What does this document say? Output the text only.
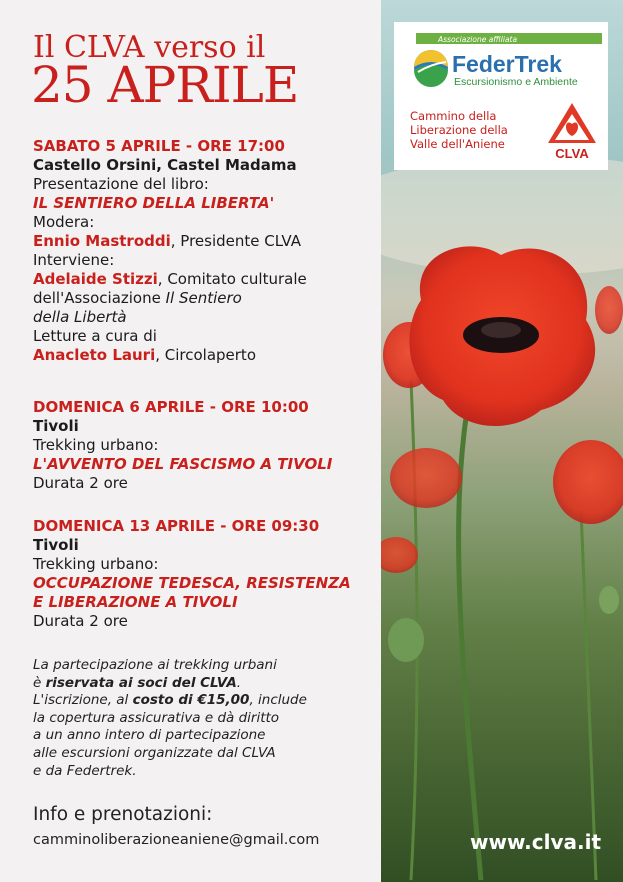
Il CLVA verso il
25 APRILE
SABATO 5 APRILE - ORE 17:00
Castello Orsini, Castel Madama
Presentazione del libro:
IL SENTIERO DELLA LIBERTA'
Modera:
Ennio Mastroddi, Presidente CLVA
Interviene:
Adelaide Stizzi, Comitato culturale
dell'Associazione Il Sentiero
della Libertà
Letture a cura di
Anacleto Lauri, Circolaperto
DOMENICA 6 APRILE - ORE 10:00
Tivoli
Trekking urbano:
L'AVVENTO DEL FASCISMO A TIVOLI
Durata 2 ore
DOMENICA 13 APRILE - ORE 09:30
Tivoli
Trekking urbano:
OCCUPAZIONE TEDESCA, RESISTENZA
E LIBERAZIONE A TIVOLI
Durata 2 ore
La partecipazione ai trekking urbani
è riservata ai soci del CLVA.
L'iscrizione, al costo di €15,00, include
la copertura assicurativa e dà diritto
a un anno intero di partecipazione
alle escursioni organizzate dal CLVA
e da Federtrek.
Info e prenotazioni:
camminoliberazioneaniene@gmail.com
Associazione affiliata
FederTrek
Escursionismo e Ambiente
Cammino della
Liberazione della
Valle dell'Aniene
CLVA
www.clva.it
